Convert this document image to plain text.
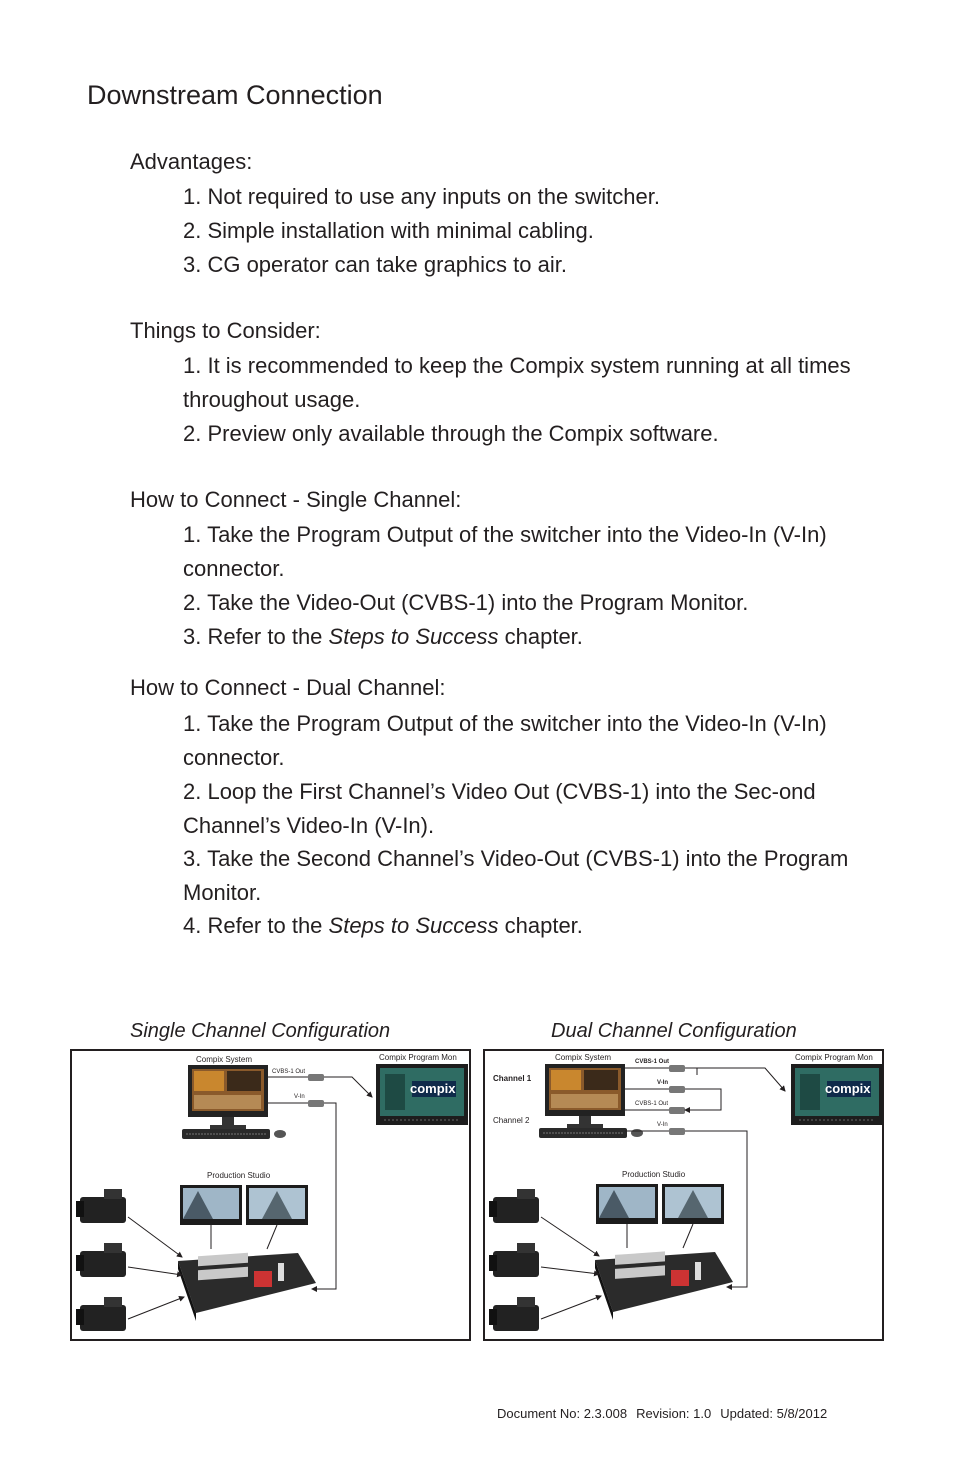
Downstream Connection
Advantages:
1. Not required to use any inputs on the switcher.
2. Simple installation with minimal cabling.
3. CG operator can take graphics to air.
Things to Consider:
1. It is recommended to keep the Compix system running at all times throughout usage.
2. Preview only available through the Compix software.
How to Connect - Single Channel:
1. Take the Program Output of the switcher into the Video-In (V-In) connector.
2. Take the Video-Out (CVBS-1) into the Program Monitor.
3. Refer to the Steps to Success chapter.
How to Connect - Dual Channel:
1. Take the Program Output of the switcher into the Video-In (V-In) connector.
2. Loop the First Channel’s Video Out (CVBS-1) into the Sec-ond Channel’s Video-In (V-In).
3. Take the Second Channel’s Video-Out (CVBS-1) into the Program Monitor.
4. Refer to the Steps to Success chapter.
Single Channel Configuration	Dual Channel Configuration
Compix System
CVBS-1 Out
V-In
Compix Program Mon
compix
Production Studio
Channel 1
Channel 2
Compix System	CVBS-1 Out
V-In
CVBS-1 Out
V-In
Compix Program Mon
compix
Production Studio
Document No: 2.3.008 Revision: 1.0 Updated: 5/8/2012
